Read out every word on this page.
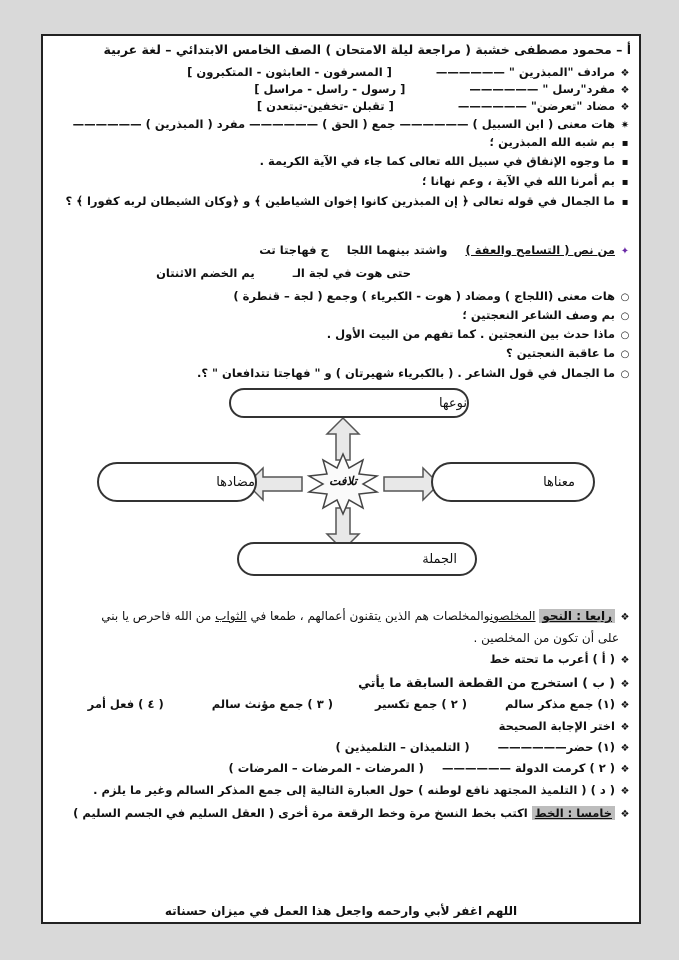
أ – محمود مصطفى خشبة ( مراجعة ليلة الامتحان ) الصف الخامس الابتدائي – لغة عربية
❖مرادف "المبذرين " —————— [ المسرفون - العابثون - المتكبرون ]
❖مفرد"رسل " —————— [ رسول - راسل - مراسل ]
❖مضاد "تعرضن" —————— [ تقبلن -تخفين-تبتعدن ]
✷هات معنى ( ابن السبيل ) —————— جمع ( الحق ) —————— مفرد ( المبذرين ) ——————
▪بم شبه الله المبذرين ؛
▪ما وجوه الإنفاق في سبيل الله تعالى كما جاء في الآية الكريمة .
▪بم أمرنا الله في الآية ، وعم نهانا ؛
▪ما الجمال في قوله تعالى ﴿ إن المبذرين كانوا إخوان الشياطين ﴾ و ﴿وكان الشيطان لربه كفورا ﴾ ؟
✦من نص ( التسامح والعفة ) واشتد بينهما اللجا ج فهاجتا تت
حتى هوت في لجة الـ يم الخضم الاثنتان
○هات معنى (اللجاج ) ومضاد ( هوت - الكبرياء ) وجمع ( لجة – قنطرة )
○بم وصف الشاعر النعجتين ؛
○ماذا حدث بين النعجتين . كما تفهم من البيت الأول .
○ما عاقبة النعجتين ؟
○ما الجمال في قول الشاعر . ( بالكبرياء شهيرتان ) و " فهاجتا تتدافعان " ؟.
تلافت
نوعها
مضادها	معناها
الجملة
❖رابعا : النحو المخلصونوالمخلصات هم الذين يتقنون أعمالهم ، طمعا في الثواب من الله فاحرص يا بني
على أن تكون من المخلصين .
❖( أ ) أعرب ما تحته خط
❖( ب ) استخرج من القطعة السابقة ما يأتي
❖(١) جمع مذكر سالم ( ٢ ) جمع تكسير ( ٣ ) جمع مؤنث سالم ( ٤ ) فعل أمر
❖اختر الإجابة الصحيحة
❖(١) حضر—————— ( التلميذان – التلميذين )
❖( ٢ ) كرمت الدولة —————— ( المرضات - المرضات – المرضات )
❖( د ) ( التلميذ المجتهد نافع لوطنه ) حول العبارة التالية إلى جمع المذكر السالم وغير ما يلزم .
❖خامسا : الخط اكتب بخط النسخ مرة وخط الرقعة مرة أخرى ( العقل السليم في الجسم السليم )
اللهم اغفر لأبي وارحمه واجعل هذا العمل في ميزان حسناته
